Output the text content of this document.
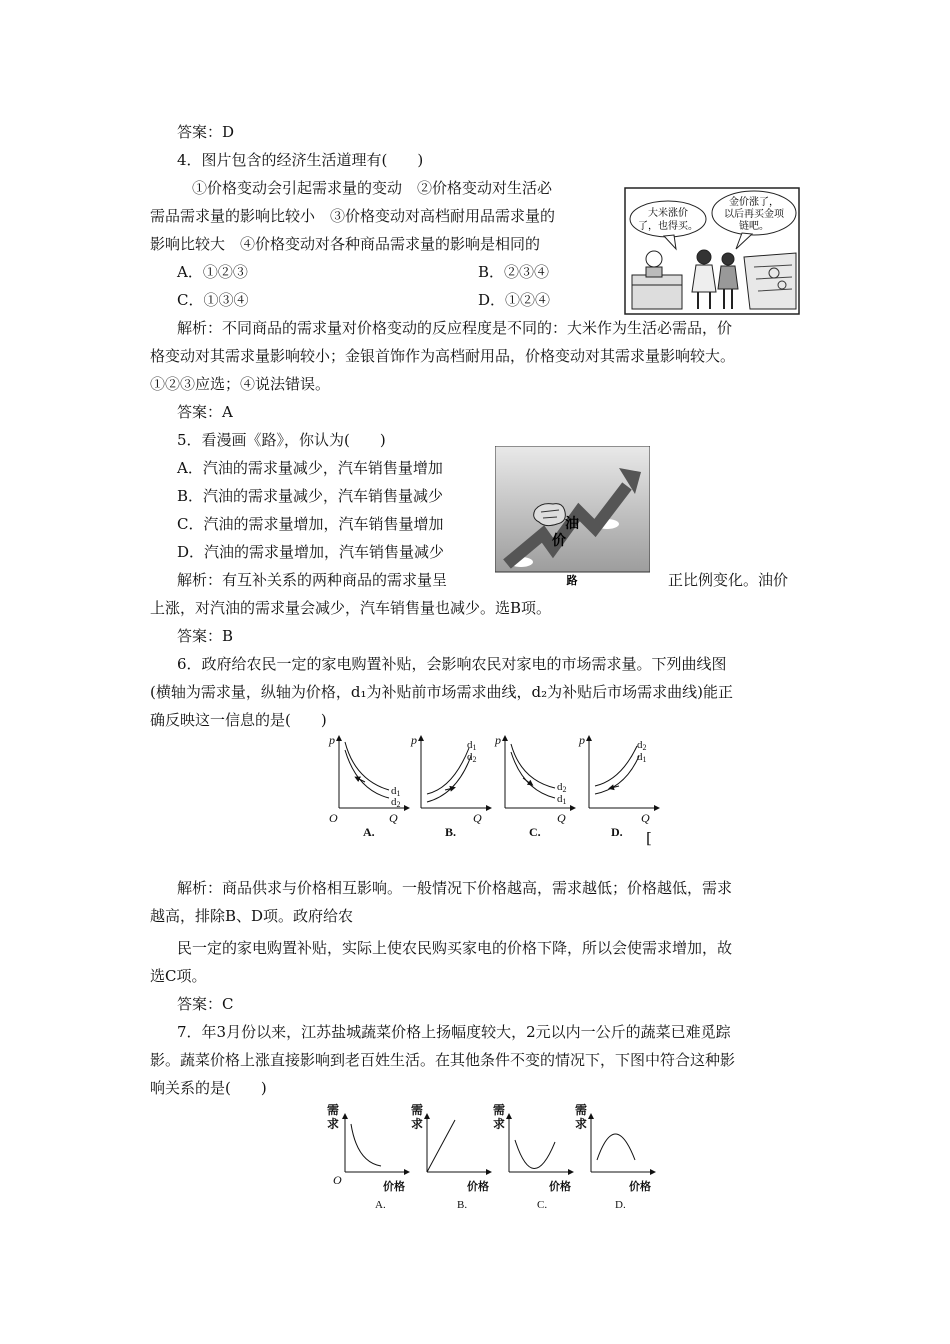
答案：D
4．图片包含的经济生活道理有(　　)
①价格变动会引起需求量的变动　②价格变动对生活必
需品需求量的影响比较小　③价格变动对高档耐用品需求量的
影响比较大　④价格变动对各种商品需求量的影响是相同的
A．①②③	B．②③④
C．①③④	D．①②④
大米涨价
了，也得买。
金价涨了，
以后再买金项
链吧。
解析：不同商品的需求量对价格变动的反应程度是不同的：大米作为生活必需品，价
格变动对其需求量影响较小；金银首饰作为高档耐用品，价格变动对其需求量影响较大。
①②③应选；④说法错误。
答案：A
5．看漫画《路》，你认为(　　)
A．汽油的需求量减少，汽车销售量增加
B．汽油的需求量减少，汽车销售量减少
C．汽油的需求量增加，汽车销售量增加
D．汽油的需求量增加，汽车销售量减少
油
价
路
解析：有互补关系的两种商品的需求量呈	正比例变化。油价
上涨，对汽油的需求量会减少，汽车销售量也减少。选B项。
答案：B
6．政府给农民一定的家电购置补贴，会影响农民对家电的市场需求量。下列曲线图
(横轴为需求量，纵轴为价格，d₁为补贴前市场需求曲线，d₂为补贴后市场需求曲线)能正
确反映这一信息的是(　　)
p
Q
O
d1
d2
A.
p
Q
d1
d2
B.
p
Q
d2
d1
C.
p
Q
d2
d1
D. [
解析：商品供求与价格相互影响。一般情况下价格越高，需求越低；价格越低，需求
越高，排除B、D项。政府给农
民一定的家电购置补贴，实际上使农民购买家电的价格下降，所以会使需求增加，故
选C项。
答案：C
7．年3月份以来，江苏盐城蔬菜价格上扬幅度较大，2元以内一公斤的蔬菜已难觅踪
影。蔬菜价格上涨直接影响到老百姓生活。在其他条件不变的情况下，下图中符合这种影
响关系的是(　　)
需
求
O	价格
A.
需
求
价格
B.
需
求
价格
C.
需
求
价格
D.
